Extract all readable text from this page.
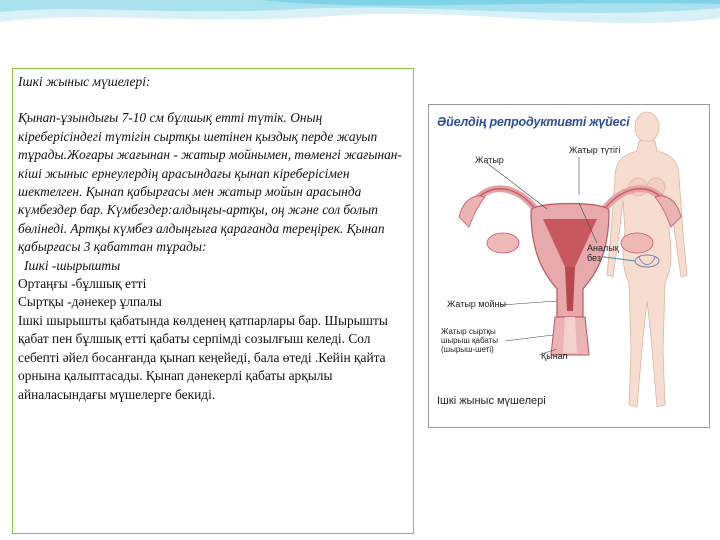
Ішкі жыныс мүшелері:

Қынап-ұзындығы 7-10 см бұлшық етті түтік. Оның кіреберісіндегі түтігін сыртқы шетінен қыздық перде жауып тұрады.Жоғары жағынан - жатыр мойнымен, төменгі жағынан- кіші жыныс ернеулердің арасындағы қынап кіреберісімен шектелген. Қынап қабырғасы мен жатыр мойын арасында күмбездер бар. Күмбездер:алдыңғы-артқы, оң және сол болып бөлінеді. Артқы күмбез алдыңғыға қарағанда тереңірек. Қынап қабырғасы 3 қабаттан тұрады:

Ішкі -шырышты

Ортаңғы -бұлшық етті

Сыртқы -дәнекер ұлпалы

Ішкі шырышты қабатында көлденең қатпарлары бар. Шырышты қабат пен бұлшық етті қабаты серпімді созылғыш келеді. Сол себепті әйел босанғанда қынап кеңейеді, бала өтеді .Кейін қайта орнына қалыптасады. Қынап дәнекерлі қабаты арқылы айналасындағы мүшелерге бекиді.

Әйелдің репродуктивті жүйесі
Жатыр түтігі
Жатыр
Аналық без
Жатыр мойны
Жатыр сыртқы
шырыш қабаты
(шырыш-шеті)
Қынап
Ішкі жыныс мүшелері
